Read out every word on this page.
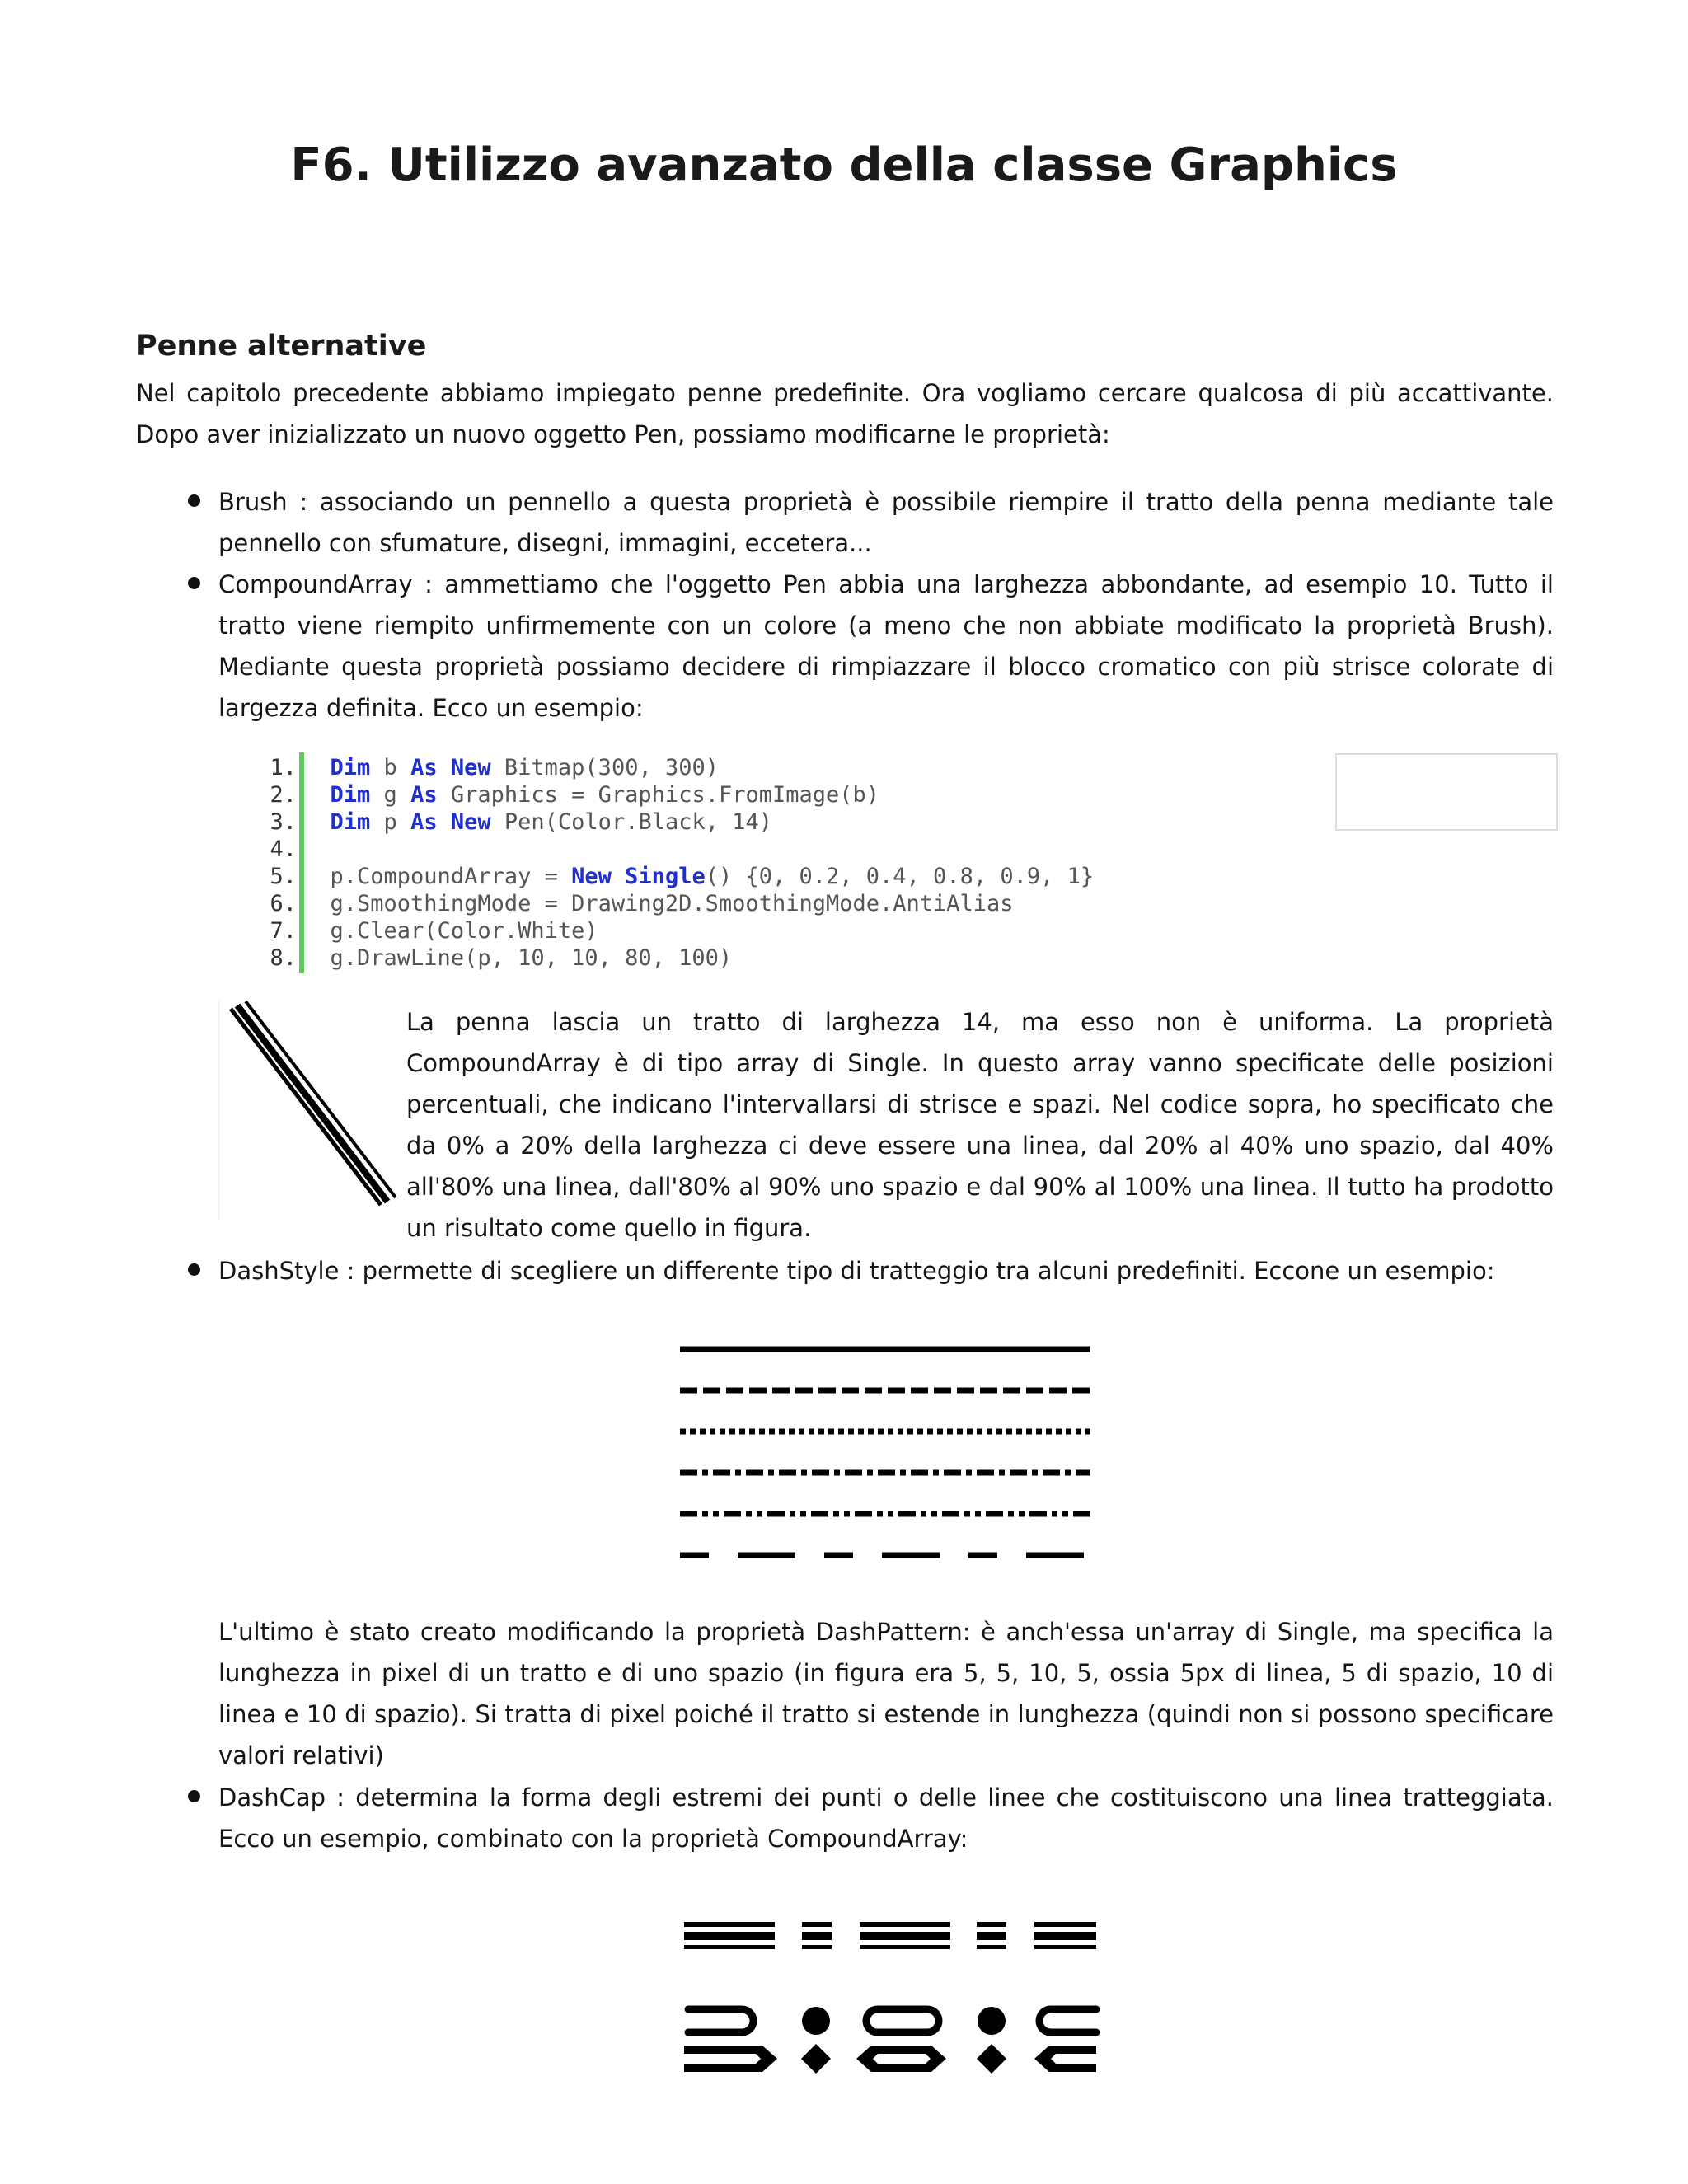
F6. Utilizzo avanzato della classe Graphics
Penne alternative
Nel capitolo precedente abbiamo impiegato penne predefinite. Ora vogliamo cercare qualcosa di più accattivante. Dopo aver inizializzato un nuovo oggetto Pen, possiamo modificarne le proprietà:
Brush : associando un pennello a questa proprietà è possibile riempire il tratto della penna mediante tale pennello con sfumature, disegni, immagini, eccetera...
CompoundArray : ammettiamo che l'oggetto Pen abbia una larghezza abbondante, ad esempio 10. Tutto il tratto viene riempito unfirmemente con un colore (a meno che non abbiate modificato la proprietà Brush). Mediante questa proprietà possiamo decidere di rimpiazzare il blocco cromatico con più strisce colorate di largezza definita. Ecco un esempio:
1. Dim b As New Bitmap(300, 300)
2. Dim g As Graphics = Graphics.FromImage(b)
3. Dim p As New Pen(Color.Black, 14)
4.
5. p.CompoundArray = New Single() {0, 0.2, 0.4, 0.8, 0.9, 1}
6. g.SmoothingMode = Drawing2D.SmoothingMode.AntiAlias
7. g.Clear(Color.White)
8. g.DrawLine(p, 10, 10, 80, 100)
La penna lascia un tratto di larghezza 14, ma esso non è uniforma. La proprietà CompoundArray è di tipo array di Single. In questo array vanno specificate delle posizioni percentuali, che indicano l'intervallarsi di strisce e spazi. Nel codice sopra, ho specificato che da 0% a 20% della larghezza ci deve essere una linea, dal 20% al 40% uno spazio, dal 40% all'80% una linea, dall'80% al 90% uno spazio e dal 90% al 100% una linea. Il tutto ha prodotto un risultato come quello in figura.
DashStyle : permette di scegliere un differente tipo di tratteggio tra alcuni predefiniti. Eccone un esempio:
L'ultimo è stato creato modificando la proprietà DashPattern: è anch'essa un'array di Single, ma specifica la lunghezza in pixel di un tratto e di uno spazio (in figura era 5, 5, 10, 5, ossia 5px di linea, 5 di spazio, 10 di linea e 10 di spazio). Si tratta di pixel poiché il tratto si estende in lunghezza (quindi non si possono specificare valori relativi)
DashCap : determina la forma degli estremi dei punti o delle linee che costituiscono una linea tratteggiata. Ecco un esempio, combinato con la proprietà CompoundArray:
